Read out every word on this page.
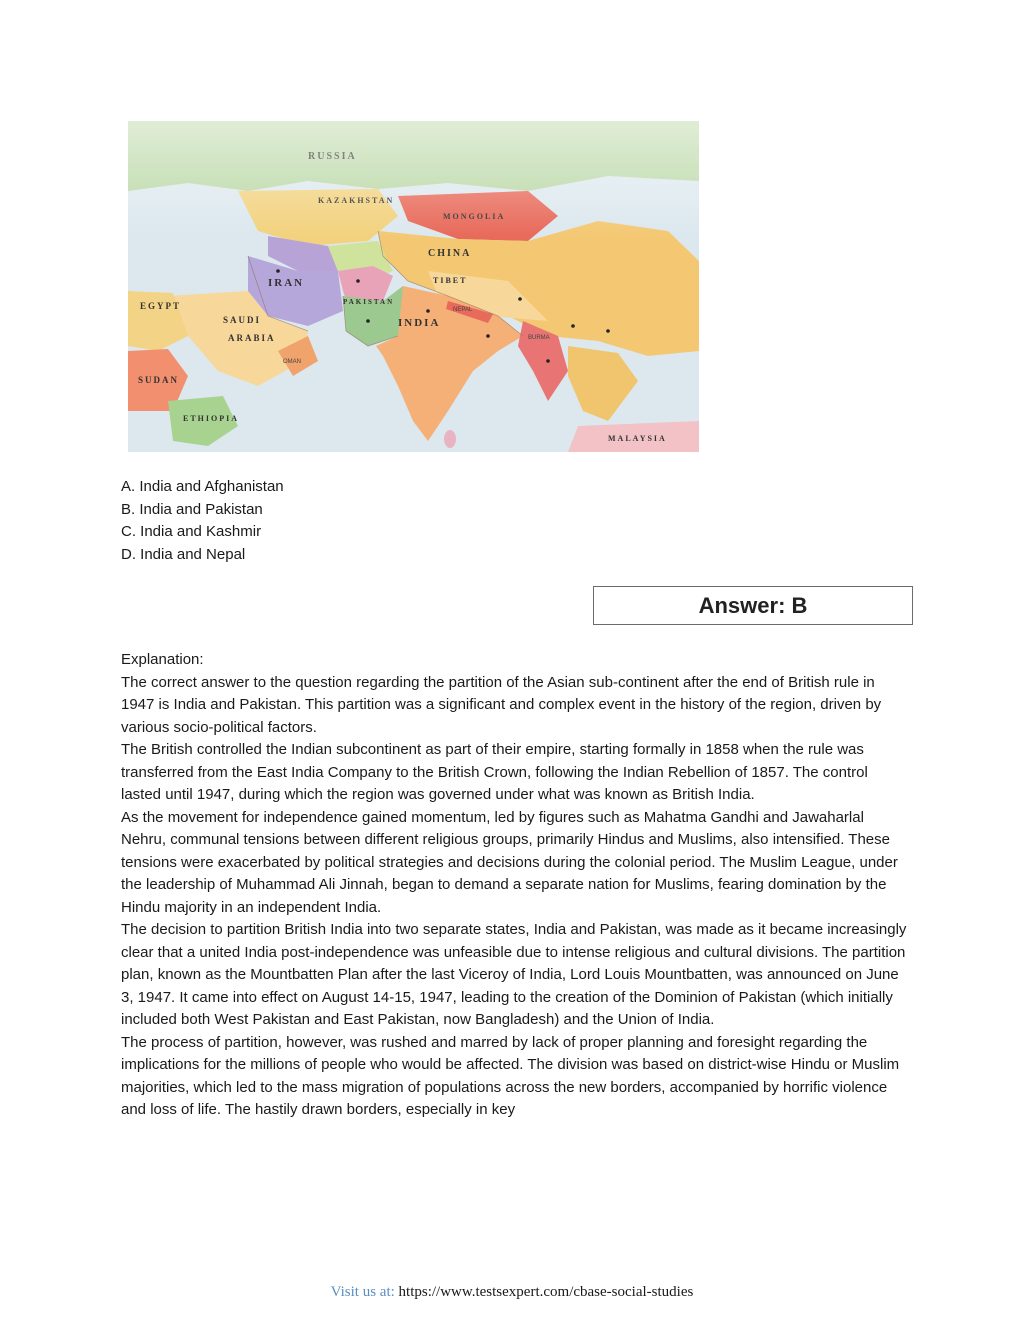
A. India and Afghanistan
B. India and Pakistan
C. India and Kashmir
D. India and Nepal
Answer: B

Explanation:

The correct answer to the question regarding the partition of the Asian sub-continent after the end of British rule in 1947 is India and Pakistan. This partition was a significant and complex event in the history of the region, driven by various socio-political factors.

The British controlled the Indian subcontinent as part of their empire, starting formally in 1858 when the rule was transferred from the East India Company to the British Crown, following the Indian Rebellion of 1857. The control lasted until 1947, during which the region was governed under what was known as British India.

As the movement for independence gained momentum, led by figures such as Mahatma Gandhi and Jawaharlal Nehru, communal tensions between different religious groups, primarily Hindus and Muslims, also intensified. These tensions were exacerbated by political strategies and decisions during the colonial period. The Muslim League, under the leadership of Muhammad Ali Jinnah, began to demand a separate nation for Muslims, fearing domination by the Hindu majority in an independent India.

The decision to partition British India into two separate states, India and Pakistan, was made as it became increasingly clear that a united India post-independence was unfeasible due to intense religious and cultural divisions. The partition plan, known as the Mountbatten Plan after the last Viceroy of India, Lord Louis Mountbatten, was announced on June 3, 1947. It came into effect on August 14-15, 1947, leading to the creation of the Dominion of Pakistan (which initially included both West Pakistan and East Pakistan, now Bangladesh) and the Union of India.

The process of partition, however, was rushed and marred by lack of proper planning and foresight regarding the implications for the millions of people who would be affected. The division was based on district-wise Hindu or Muslim majorities, which led to the mass migration of populations across the new borders, accompanied by horrific violence and loss of life. The hastily drawn borders, especially in key

Visit us at: https://www.testsexpert.com/cbase-social-studies
